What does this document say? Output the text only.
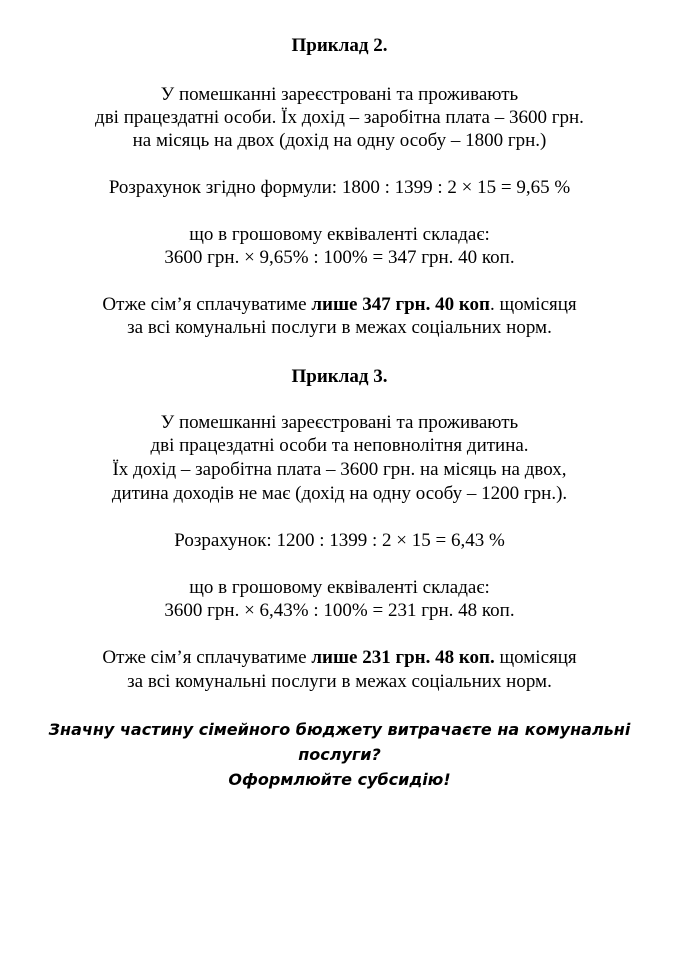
Приклад 2.
У помешканні зареєстровані та проживають
дві працездатні особи. Їх дохід – заробітна плата – 3600 грн.
на місяць на двох (дохід на одну особу – 1800 грн.)
Розрахунок згідно формули: 1800 : 1399 : 2 × 15 = 9,65 %
що в грошовому еквіваленті складає:
3600 грн. × 9,65% : 100% = 347 грн. 40 коп.
Отже сім’я сплачуватиме лише 347 грн. 40 коп. щомісяця
за всі комунальні послуги в межах соціальних норм.
Приклад 3.
У помешканні зареєстровані та проживають
дві працездатні особи та неповнолітня дитина.
Їх дохід – заробітна плата – 3600 грн. на місяць на двох,
дитина доходів не має (дохід на одну особу – 1200 грн.).
Розрахунок: 1200 : 1399 : 2 × 15 = 6,43 %
що в грошовому еквіваленті складає:
3600 грн. × 6,43% : 100% = 231 грн. 48 коп.
Отже сім’я сплачуватиме лише 231 грн. 48 коп. щомісяця
за всі комунальні послуги в межах соціальних норм.
Значну частину сімейного бюджету витрачаєте на комунальні
послуги?
Оформлюйте субсидію!
